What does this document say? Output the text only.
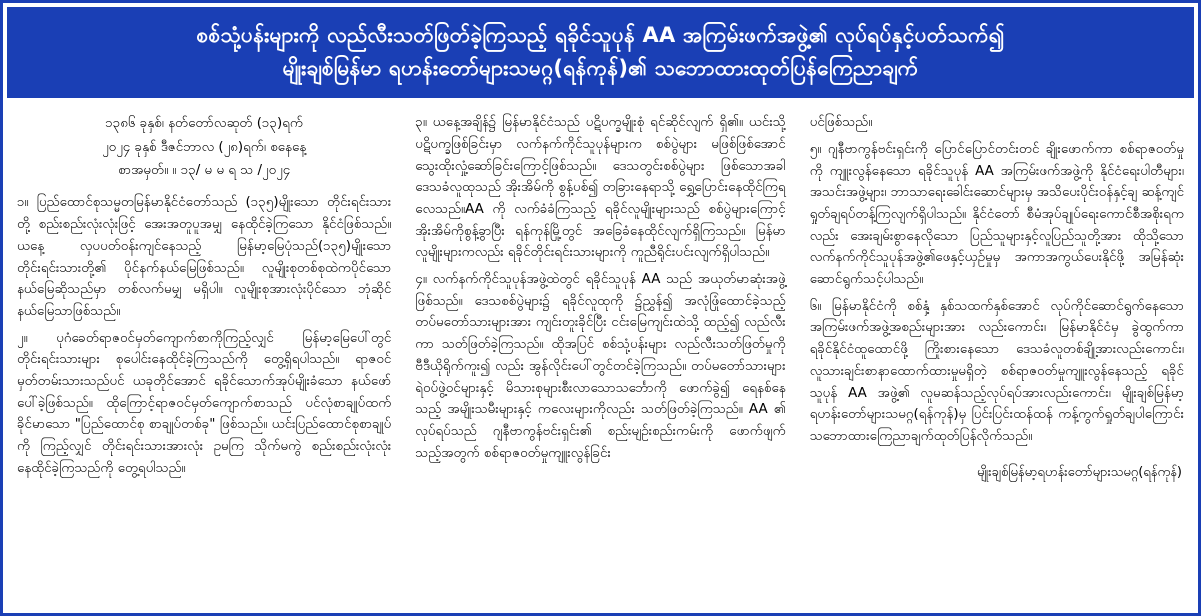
စစ်သုံ့ပန်းများကို လည်လီးသတ်ဖြတ်ခဲ့ကြသည့် ရခိုင်သူပုန် AA အကြမ်းဖက်အဖွဲ့၏ လုပ်ရပ်နှင့်ပတ်သက်၍
မျိုးချစ်မြန်မာ ရဟန်းတော်များသမဂ္ဂ(ရန်ကုန်)၏ သဘောထားထုတ်ပြန်ကြေညာချက်
၁၃၈၆ ခုနှစ်၊ နတ်တော်လဆုတ် (၁၃)ရက်
၂၀၂၄ ခုနှစ် ဒီဇင်ဘာလ (၂၈)ရက်၊ စနေနေ့
စာအမှတ်။ ။ ၁၃/ မ မ ရ သ /၂၀၂၄

၁။ ပြည်ထောင်စုသမ္မတမြန်မာနိုင်ငံတော်သည် (၁၃၅)မျိုးသော တိုင်းရင်းသားတို့ စည်းစည်းလုံးလုံးဖြင့် အေးအတူပူအမျှ နေထိုင်ခဲ့ကြသော နိုင်ငံဖြစ်သည်။ ယနေ့ လှပပတ်ဝန်းကျင်နေသည့် မြန်မာ့မြေပုံသည်(၁၃၅)မျိုးသော တိုင်းရင်းသားတို့၏ ပိုင်နက်နယ်မြေဖြစ်သည်။ လူမျိုးစုတစ်စုထဲကပိုင်သော နယ်မြေဆိုသည်မှာ တစ်လက်မမျှ မရှိပါ။ လူမျိုးစုအားလုံးပိုင်သော ဘုံဆိုင်နယ်မြေသာဖြစ်သည်။

၂။ ပုဂံခေတ်ရာဇဝင်မှတ်ကျောက်စာကိုကြည့်လျှင် မြန်မာ့မြေပေါ်တွင် တိုင်းရင်းသားများ စုပေါင်းနေထိုင်ခဲ့ကြသည်ကို တွေ့ရှိရပါသည်။ ရာဇဝင်မှတ်တမ်းသားသည်ပင် ယခုတိုင်အောင် ရခိုင်သောက်အုပ်မျိုးခံသော နယ်ဖော်ပေါ်ခဲ့ဖြစ်သည်။ ထိုကြောင့်ရာဇဝင်မှတ်ကျောက်စာသည် ပင်လုံစာချုပ်ထက်ခိုင်မာသော "ပြည်ထောင်စု စာချုပ်တစ်ခု" ဖြစ်သည်။ ယင်းပြည်ထောင်စုစာချုပ်ကို ကြည့်လျှင် တိုင်းရင်းသားအားလုံး ဥမကြ သိုက်မကွဲ စည်းစည်းလုံးလုံး နေထိုင်ခဲ့ကြသည်ကို တွေ့ရပါသည်။

၃။ ယနေ့အချိန်၌ မြန်မာနိုင်ငံသည် ပဋိပက္ခမျိုးစုံ ရင်ဆိုင်လျက် ရှိ၏။ ယင်းသို့ ပဋိပက္ခဖြစ်ခြင်းမှာ လက်နက်ကိုင်သူပုန်များက စစ်ပွဲများ မဖြစ်ဖြစ်အောင် သွေးထိုးလှုံ့ဆော်ခြင်းကြောင့်ဖြစ်သည်။ ဒေသတွင်းစစ်ပွဲများ ဖြစ်သောအခါ ဒေသခံလူထုသည် အိုးအိမ်ကို စွန့်ပစ်၍ တခြားနေရာသို့ ရွှေ့ပြောင်းနေထိုင်ကြရလေသည်။AA ကို လက်ခံခံကြသည့် ရခိုင်လူမျိုးများသည် စစ်ပွဲများကြောင့် အိုးအိမ်ကိုစွန့်ခွာပြီး ရန်ကုန်မြို့တွင် အခြေခံနေထိုင်လျက်ရှိကြသည်။ မြန်မာလူမျိုးများကလည်း ရခိုင်တိုင်းရင်းသားများကို ကူညီရိုင်းပင်းလျက်ရှိပါသည်။

၄။ လက်နက်ကိုင်သူပုန်အဖွဲ့ထဲတွင် ရခိုင်သူပုန် AA သည် အယုတ်မာဆုံးအဖွဲ့ဖြစ်သည်။ ဒေသစစ်ပွဲများ၌ ရခိုင်လူထုကို ၌ညွှန်၍ အလုံဖြုံထောင်ခဲ့သည့် တပ်မတော်သားများအား ကျင်းတူးခိုင်ပြီး ငင်းမြေကျင်းထဲသို့ ထည့်၍ လည်လီးကာ သတ်ဖြတ်ခဲ့ကြသည်။ ထိုအပြင် စစ်သုံ့ပန်းများ လည်လီးသတ်ဖြတ်မှုကို ဗီဒီယိုရိုက်ကူး၍ လည်း အွန်လိုင်းပေါ်တွင်တင်ခဲ့ကြသည်။ တပ်မတော်သားများ ရဲဝပ်ဖွဲ့ဝင်များနှင့် မိသားစုများစီးလာသောသင်္ဘောကို ဖောက်ခွဲ၍ ရေနစ်နေသည့် အမျိုးသမီးများနှင့် ကလေးများကိုလည်း သတ်ဖြတ်ခဲ့ကြသည်။ AA ၏ လုပ်ရပ်သည် ဂျနီဗာကွန်ဗင်းရှင်း၏ စည်းမျဉ်းစည်းကမ်းကို ဖောက်ဖျက်သည့်အတွက် စစ်ရာဇဝတ်မှုကျူးလွန်ခြင်း

ပင်ဖြစ်သည်။

၅။ ဂျနီဗာကွန်ဗင်းရှင်းကို ပြောင်ပြောင်တင်းတင် ချိုးဖောက်ကာ စစ်ရာဇဝတ်မှုကို ကျူးလွန်နေသော ရခိုင်သူပုန် AA အကြမ်းဖက်အဖွဲ့ကို နိုင်ငံရေးပါတီများ၊ အသင်းအဖွဲ့များ၊ ဘာသာရေးခေါင်းဆောင်များမှ အသိပေးပိုင်းဝန်နှင့်ချ ဆန့်ကျင်ရှုတ်ချရပ်တန့်ကြလျက်ရှိပါသည်။ နိုင်ငံတော် စီမံအုပ်ချုပ်ရေးကောင်စီအစိုးရကလည်း အေးချမ်းစွာနေလိုသော ပြည်သူများနှင့်လူပြည်သူတို့အား ထိုသို့သော လက်နက်ကိုင်သူပုန်အဖွဲ့၏ဖေနှင့်ယှဉ်မှုမှ အကာအကွယ်ပေးနိုင်ဖို့ အမြန်ဆုံးဆောင်ရွက်သင့်ပါသည်။

၆။ မြန်မာနိုင်ငံကို စစ်နှံ့ နှစ်သထက်နှစ်အောင် လုပ်ကိုင်ဆောင်ရွက်နေသော အကြမ်းဖက်အဖွဲ့အစည်းများအား လည်းကောင်း၊ မြန်မာနိုင်ငံမှ ခွဲထွက်ကာ ရခိုင်နိုင်ငံထူထောင်ဖို့ ကြိုးစားနေသော ဒေသခံလူတစ်ချို့အားလည်းကောင်း၊ လူသားချင်းစာနာထောက်ထားမှုမရှိတဲ့ စစ်ရာဇဝတ်မှုကျူးလွန်နေသည့် ရခိုင်သူပုန် AA အဖွဲ့၏ လူမဆန်သည့်လုပ်ရပ်အားလည်းကောင်း၊ မျိုးချစ်မြန်မာ့ရဟန်းတော်များသမဂ္ဂ(ရန်ကုန်)မှ ပြင်းပြင်းထန်ထန် ကန့်ကွက်ရှုတ်ချပါကြောင်း သဘောထားကြေညာချက်ထုတ်ပြန်လိုက်သည်။

မျိုးချစ်မြန်မာ့ရဟန်းတော်များသမဂ္ဂ(ရန်ကုန်)
